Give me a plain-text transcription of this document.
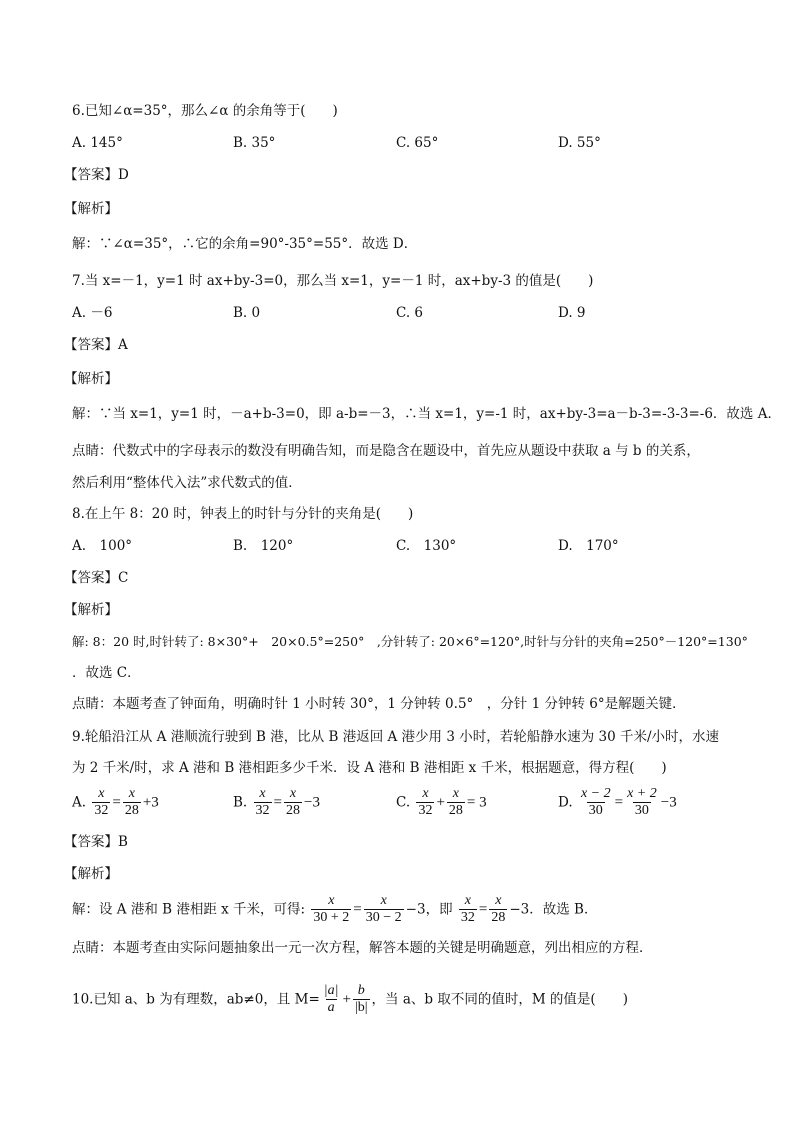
6.已知∠α=35°，那么∠α 的余角等于(　　)
A. 145°	B. 35°	C. 65°	D. 55°
【答案】D
【解析】
解：∵∠α=35°，∴它的余角=90°-35°=55°．故选 D．
7.当 x=－1，y=1 时 ax+by-3=0，那么当 x=1，y=－1 时，ax+by-3 的值是(　　)
A. －6	B. 0	C. 6	D. 9
【答案】A
【解析】
解：∵当 x=1，y=1 时，－a+b-3=0，即 a-b=－3，∴当 x=1，y=-1 时，ax+by-3=a－b-3=-3-3=-6．故选 A．
点睛：代数式中的字母表示的数没有明确告知，而是隐含在题设中，首先应从题设中获取 a 与 b 的关系，
然后利用“整体代入法”求代数式的值．
8.在上午 8：20 时，钟表上的时针与分针的夹角是(　　)
A.　100°	B.　120°	C.　130°	D.　170°
【答案】C
【解析】
解: 8：20 时,时针转了: 8×30°+　20×0.5°=250°　,分针转了: 20×6°=120°,时针与分针的夹角=250°－120°=130°
．故选 C．
点睛：本题考查了钟面角，明确时针 1 小时转 30°，1 分钟转 0.5°　，分针 1 分钟转 6°是解题关键．
9.轮船沿江从 A 港顺流行驶到 B 港，比从 B 港返回 A 港少用 3 小时，若轮船静水速为 30 千米/小时，水速
为 2 千米/时，求 A 港和 B 港相距多少千米．设 A 港和 B 港相距 x 千米，根据题意，得方程(　　)
A. $\frac{x}{32} = \frac{x}{28} +3$	B. $\frac{x}{32} = \frac{x}{28} -3$	C. $\frac{x}{32} + \frac{x}{28} = 3$	D. $\frac{x - 2}{30} = \frac{x + 2}{30} -3$
【答案】B
【解析】
解：设 A 港和 B 港相距 x 千米，可得: $\frac{x}{30 + 2} = \frac{x}{30 - 2} -3$，即 $\frac{x}{32} = \frac{x}{28} -3$．故选 B．
点睛：本题考查由实际问题抽象出一元一次方程，解答本题的关键是明确题意，列出相应的方程．
10.已知 a、b 为有理数，ab≠0，且 $M= \frac{|a|}{a} + \frac{b}{|b|}$ ，当 a、b 取不同的值时，M 的值是(　　)
